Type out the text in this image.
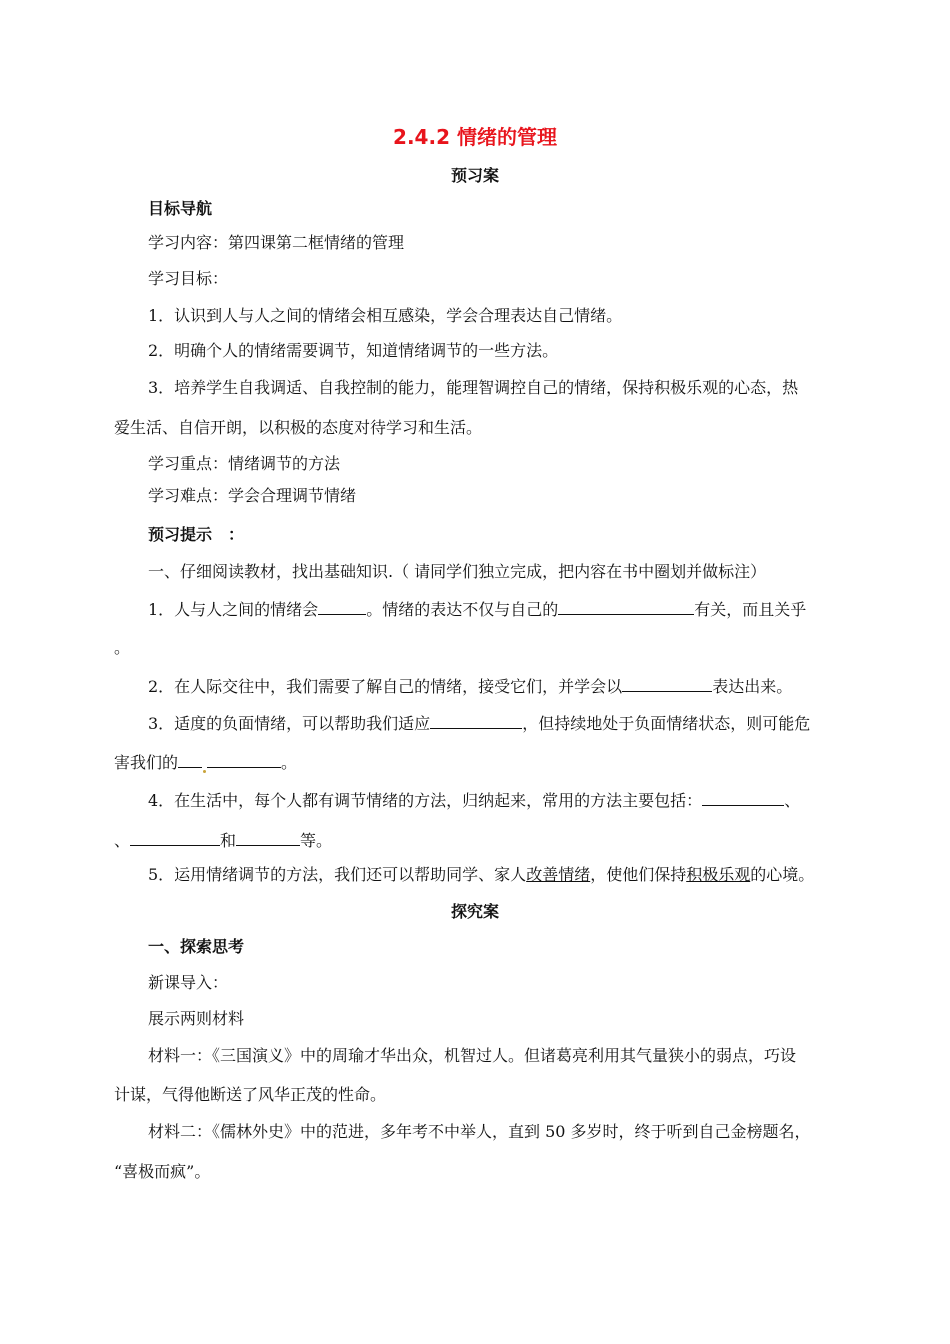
2.4.2 情绪的管理
预习案
目标导航
学习内容：第四课第二框情绪的管理
学习目标：
1．认识到人与人之间的情绪会相互感染，学会合理表达自己情绪。
2．明确个人的情绪需要调节，知道情绪调节的一些方法。
3．培养学生自我调适、自我控制的能力，能理智调控自己的情绪，保持积极乐观的心态，热
爱生活、自信开朗，以积极的态度对待学习和生活。
学习重点：情绪调节的方法
学习难点：学会合理调节情绪
预习提示　：
一、仔细阅读教材，找出基础知识.（ 请同学们独立完成，把内容在书中圈划并做标注）
1．人与人之间的情绪会	。情绪的表达不仅与自己的	有关，而且关乎
。
2．在人际交往中，我们需要了解自己的情绪，接受它们，并学会以	表达出来。
3．适度的负面情绪，可以帮助我们适应	，但持续地处于负面情绪状态，则可能危
害我们的	。
4．在生活中，每个人都有调节情绪的方法，归纳起来，常用的方法主要包括：	、
、	和	等。
5．运用情绪调节的方法，我们还可以帮助同学、家人改善情绪，使他们保持积极乐观的心境。
探究案
一、探索思考
新课导入：
展示两则材料
材料一：《三国演义》中的周瑜才华出众，机智过人。但诸葛亮利用其气量狭小的弱点，巧设
计谋，气得他断送了风华正茂的性命。
材料二：《儒林外史》中的范进，多年考不中举人，直到 50 多岁时，终于听到自己金榜题名，
“喜极而疯”。
